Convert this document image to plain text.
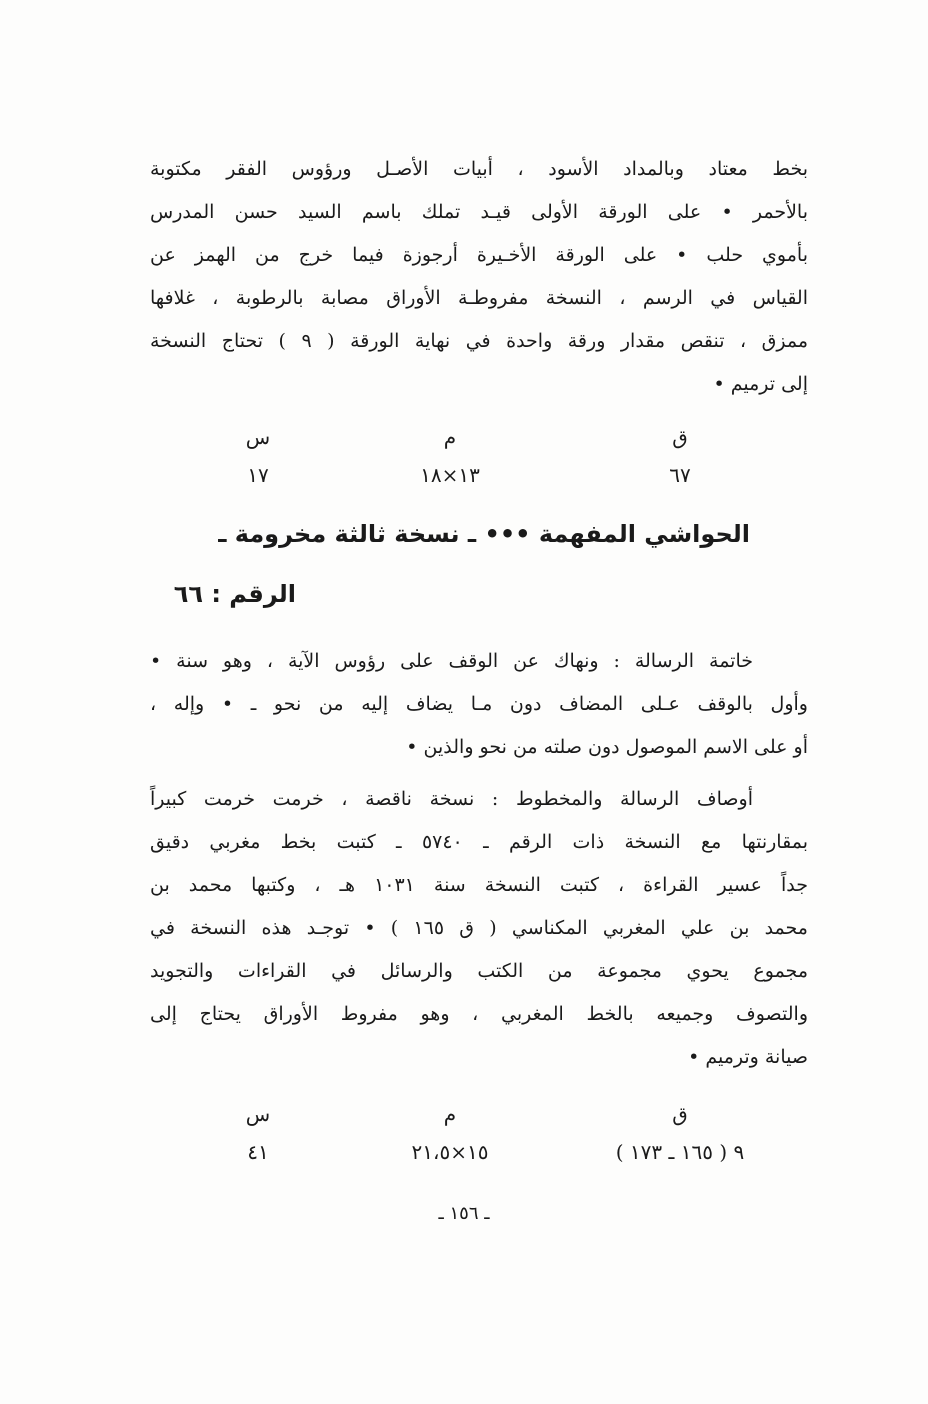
بخط معتاد وبالمداد الأسود ، أبيات الأصـل ورؤوس الفقر مكتوبة
بالأحمر • على الورقة الأولى قيـد تملك باسم السيد حسن المدرس
بأموي حلب • على الورقة الأخـيرة أرجوزة فيما خرج من الهمز عن
القياس في الرسم ، النسخة مفروطـة الأوراق مصابة بالرطوبة ، غلافها
ممزق ، تنقص مقدار ورقة واحدة في نهاية الورقة ( ٩ ) تحتاج النسخة
إلى ترميم •
ق
م
س
٦٧
١٣×١٨
١٧
الحواشي المفهمة ••• ـ نسخة ثالثة مخرومة ـ
الرقم : ٦٦
خاتمة الرسالة : ونهاك عن الوقف على رؤوس الآية ، وهو سنة •
وأول بالوقف عـلى المضاف دون مـا يضاف إليه من نحو ـ • وإله ،
أو على الاسم الموصول دون صلته من نحو والذين •
أوصاف الرسالة والمخطوط : نسخة ناقصة ، خرمت خرمت كبيراً
بمقارنتها مع النسخة ذات الرقم ـ ٥٧٤٠ ـ كتبت بخط مغربي دقيق
جداً عسير القراءة ، كتبت النسخة سنة ١٠٣١ هـ ، وكتبها محمد بن
محمد بن علي المغربي المكناسي ( ق ١٦٥ ) • توجـد هذه النسخة في
مجموع يحوي مجموعة من الكتب والرسائل في القراءات والتجويد
والتصوف وجميعه بالخط المغربي ، وهو مفروط الأوراق يحتاج إلى
صيانة وترميم •
ق
م
س
٩ ( ١٦٥ ـ ١٧٣ )
١٥×٢١،٥
٤١
ـ ١٥٦ ـ
